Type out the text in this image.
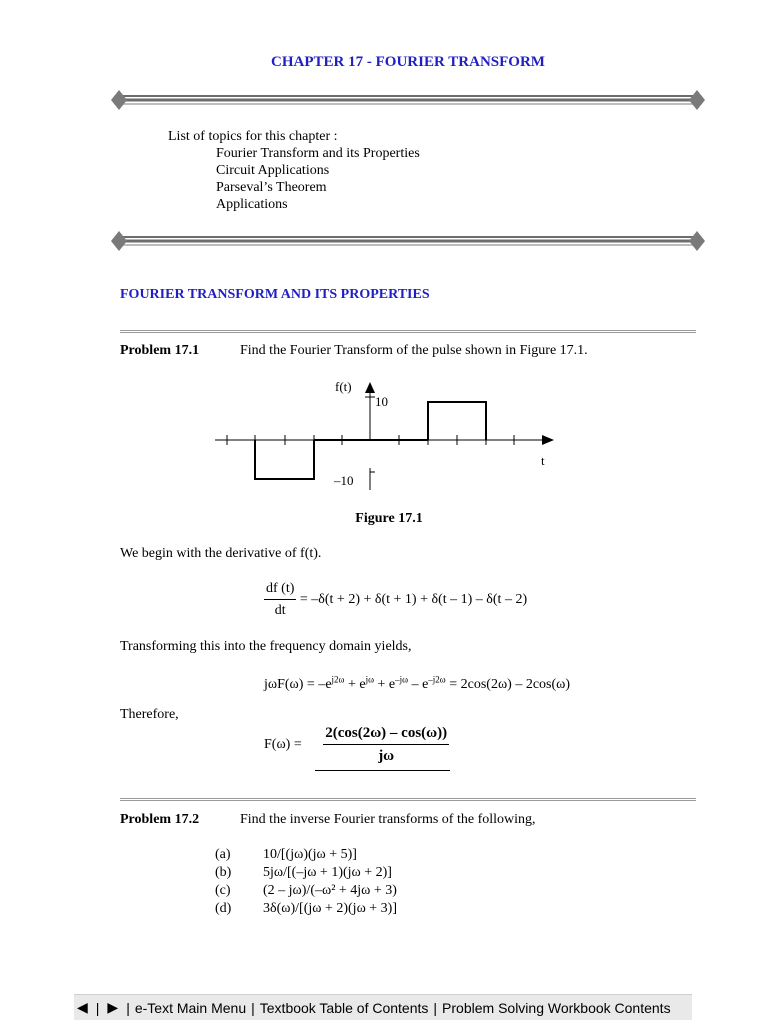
CHAPTER 17 - FOURIER TRANSFORM
List of topics for this chapter :
Fourier Transform and its Properties
Circuit Applications
Parseval’s Theorem
Applications
FOURIER TRANSFORM AND ITS PROPERTIES
Problem 17.1	Find the Fourier Transform of the pulse shown in Figure 17.1.
f(t)
10
t
–10
Figure 17.1
We begin with the derivative of f(t).
$\frac{df (t)}{dt} = -\delta(t + 2) + \delta(t + 1) + \delta(t - 1) - \delta(t - 2)$
Transforming this into the frequency domain yields,
$j\omega F(\omega) = -e^{j2\omega} + e^{j\omega} + e^{-j\omega} - e^{-j2\omega} = 2\cos(2\omega) - 2\cos(\omega)$
Therefore,
$F(\omega) = \frac{2(\cos(2\omega) - \cos(\omega))}{j\omega}$
Problem 17.2	Find the inverse Fourier transforms of the following,
(a) 10/[(jω)(jω + 5)]
(b) 5jω/[(–jω + 1)(jω + 2)]
(c) (2 – jω)/(–ω² + 4jω + 3)
(d) 3δ(ω)/[(jω + 2)(jω + 3)]
◀ | ▶ | e-Text Main Menu | Textbook Table of Contents | Problem Solving Workbook Contents
